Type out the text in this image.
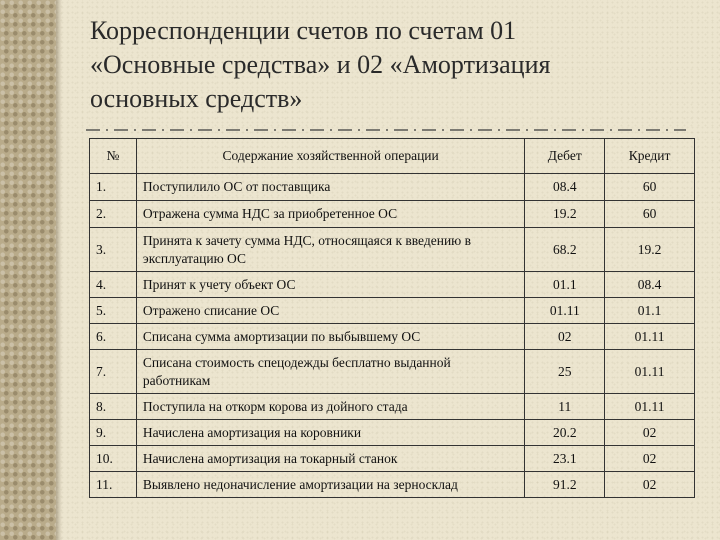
Корреспонденции счетов по счетам 01
«Основные средства» и 02 «Амортизация
основных средств»
№	Содержание хозяйственной операции	Дебет	Кредит
1.	Поступилило ОС от поставщика	08.4	60
2.	Отражена сумма НДС за приобретенное ОС	19.2	60
3.	Принята к зачету сумма НДС, относящаяся к введению в эксплуатацию ОС	68.2	19.2
4.	Принят к учету объект ОС	01.1	08.4
5.	Отражено списание ОС	01.11	01.1
6.	Списана сумма амортизации по выбывшему ОС	02	01.11
7.	Списана стоимость спецодежды бесплатно выданной работникам	25	01.11
8.	Поступила на откорм корова из дойного стада	11	01.11
9.	Начислена амортизация на коровники	20.2	02
10.	Начислена амортизация на токарный станок	23.1	02
11.	Выявлено недоначисление амортизации на зерносклад	91.2	02
